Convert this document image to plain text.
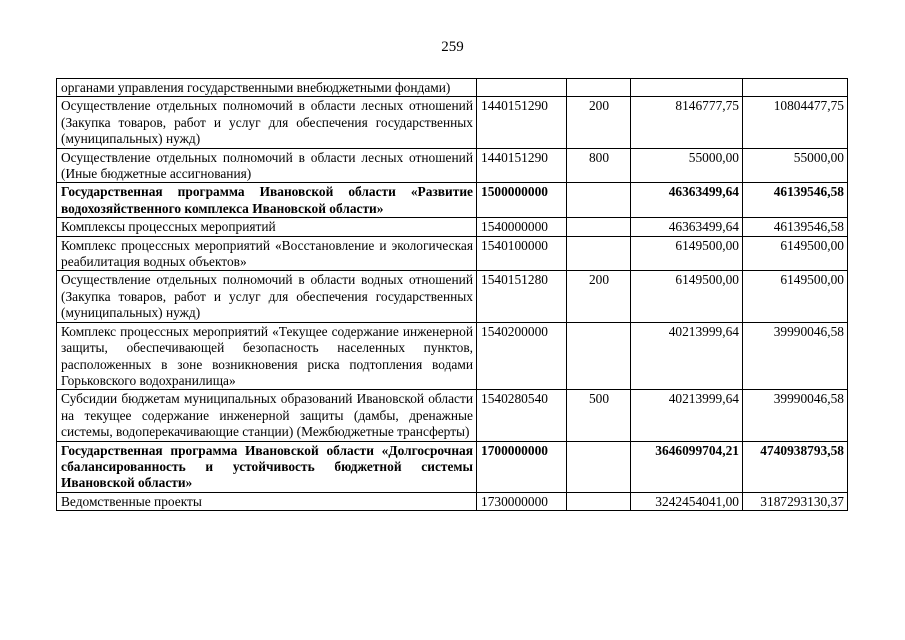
259
органами управления государственными внебюджетными фондами)				
Осуществление отдельных полномочий в области лесных отношений (Закупка товаров, работ и услуг для обеспечения государственных (муниципальных) нужд)	1440151290	200	8146777,75	10804477,75
Осуществление отдельных полномочий в области лесных отношений (Иные бюджетные ассигнования)	1440151290	800	55000,00	55000,00
Государственная программа Ивановской области «Развитие водохозяйственного комплекса Ивановской области»	1500000000		46363499,64	46139546,58
Комплексы процессных мероприятий	1540000000		46363499,64	46139546,58
Комплекс процессных мероприятий «Восстановление и экологическая реабилитация водных объектов»	1540100000		6149500,00	6149500,00
Осуществление отдельных полномочий в области водных отношений (Закупка товаров, работ и услуг для обеспечения государственных (муниципальных) нужд)	1540151280	200	6149500,00	6149500,00
Комплекс процессных мероприятий «Текущее содержание инженерной защиты, обеспечивающей безопасность населенных пунктов, расположенных в зоне возникновения риска подтопления водами Горьковского водохранилища»	1540200000		40213999,64	39990046,58
Субсидии бюджетам муниципальных образований Ивановской области на текущее содержание инженерной защиты (дамбы, дренажные системы, водоперекачивающие станции) (Межбюджетные трансферты)	1540280540	500	40213999,64	39990046,58
Государственная программа Ивановской области «Долгосрочная сбалансированность и устойчивость бюджетной системы Ивановской области»	1700000000		3646099704,21	4740938793,58
Ведомственные проекты	1730000000		3242454041,00	3187293130,37
